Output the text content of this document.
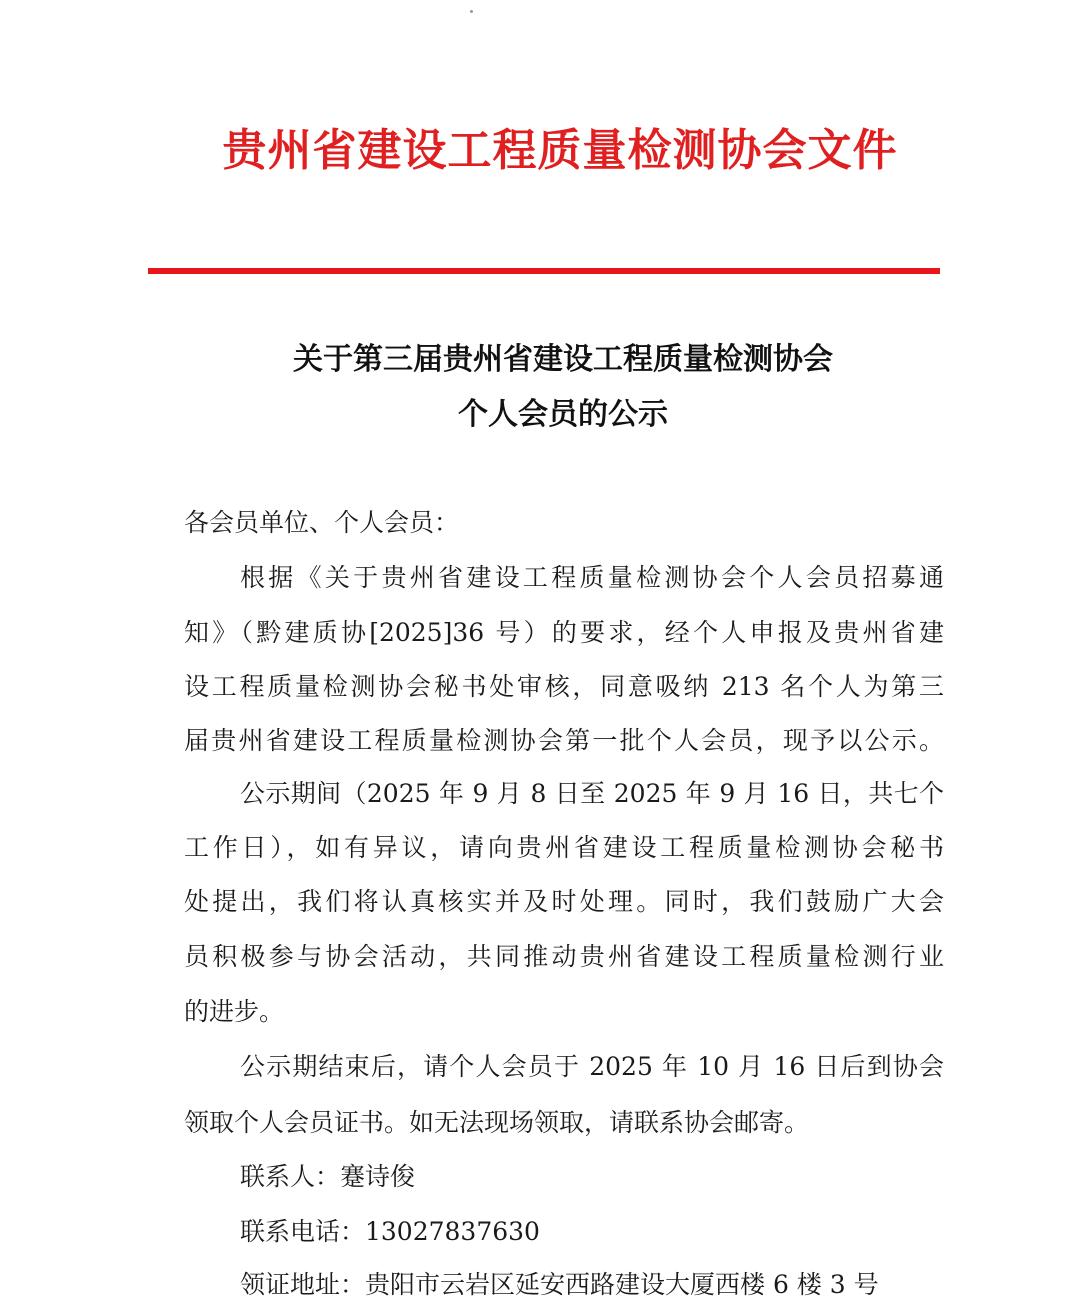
贵州省建设工程质量检测协会文件
关于第三届贵州省建设工程质量检测协会
个人会员的公示
各会员单位、个人会员：
根据《关于贵州省建设工程质量检测协会个人会员招募通
知》（黔建质协[2025]36 号）的要求，经个人申报及贵州省建
设工程质量检测协会秘书处审核，同意吸纳 213 名个人为第三
届贵州省建设工程质量检测协会第一批个人会员，现予以公示。
公示期间（2025 年 9 月 8 日至 2025 年 9 月 16 日，共七个
工作日），如有异议，请向贵州省建设工程质量检测协会秘书
处提出，我们将认真核实并及时处理。同时，我们鼓励广大会
员积极参与协会活动，共同推动贵州省建设工程质量检测行业
的进步。
公示期结束后，请个人会员于 2025 年 10 月 16 日后到协会
领取个人会员证书。如无法现场领取，请联系协会邮寄。
联系人：蹇诗俊
联系电话：13027837630
领证地址：贵阳市云岩区延安西路建设大厦西楼 6 楼 3 号
